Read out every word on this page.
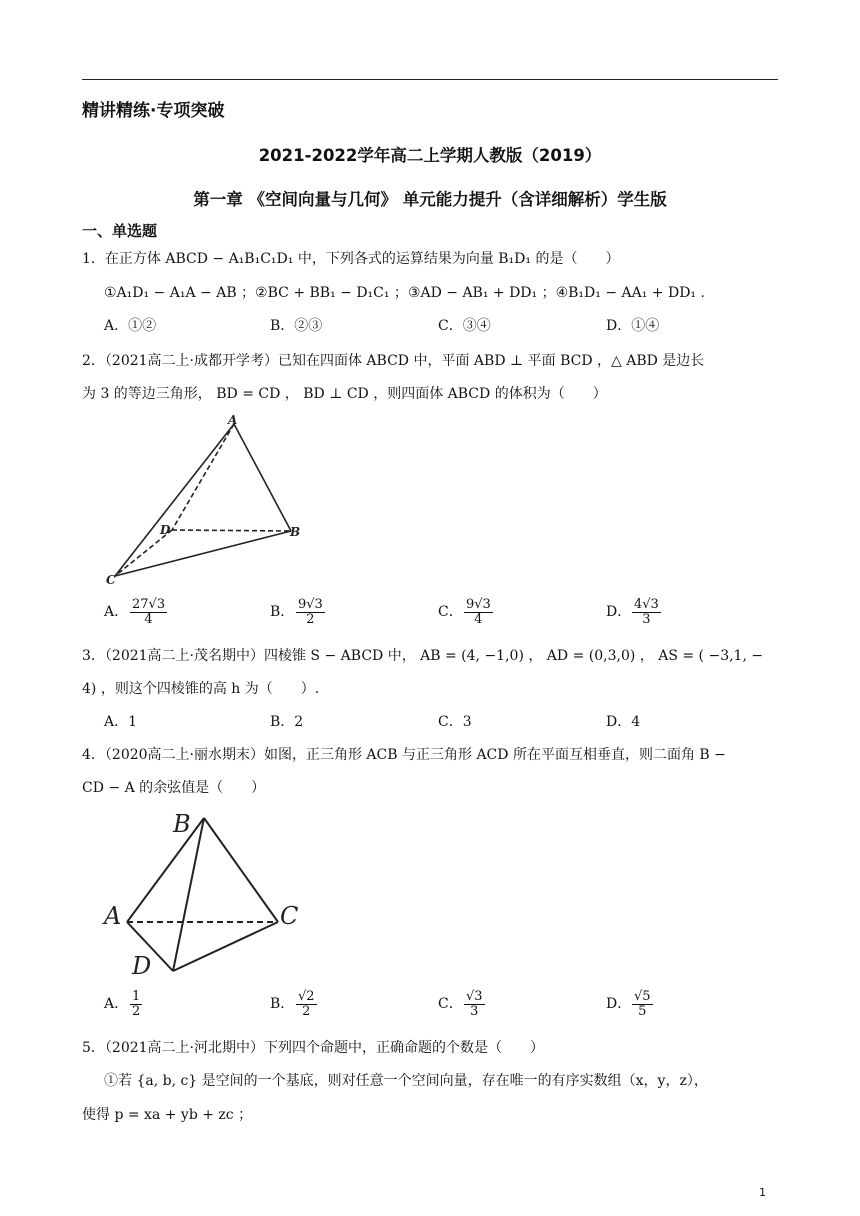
精讲精练·专项突破
2021-2022学年高二上学期人教版（2019）
第一章 《空间向量与几何》 单元能力提升（含详细解析）学生版
一、单选题
1．在正方体 ABCD − A₁B₁C₁D₁ 中，下列各式的运算结果为向量 B₁D₁ 的是（　　）
①A₁D₁ − A₁A − AB ；②BC + BB₁ − D₁C₁ ；③AD − AB₁ + DD₁ ；④B₁D₁ − AA₁ + DD₁ .
A．①②	B．②③	C．③④	D．①④
2．（2021高二上·成都开学考）已知在四面体 ABCD 中，平面 ABD ⊥ 平面 BCD ，△ ABD 是边长
为 3 的等边三角形， BD = CD ， BD ⊥ CD ，则四面体 ABCD 的体积为（　　）
A
B
C
D
A． $\frac{27√3}{4}$	B． $\frac{9√3}{2}$	C． $\frac{9√3}{4}$	D． $\frac{4√3}{3}$
3．（2021高二上·茂名期中）四棱锥 S − ABCD 中， AB = (4, −1,0) ， AD = (0,3,0) ， AS = ( −3,1, −
4) ，则这个四棱锥的高 h 为（　　）.
A．1	B．2	C．3	D．4
4．（2020高二上·丽水期末）如图，正三角形 ACB 与正三角形 ACD 所在平面互相垂直，则二面角 B −
CD − A 的余弦值是（　　）
B
A	C
D
A． $\frac{1}{2}$	B． $\frac{√2}{2}$	C． $\frac{√3}{3}$	D． $\frac{√5}{5}$
5．（2021高二上·河北期中）下列四个命题中，正确命题的个数是（　　）
①若 {a, b, c} 是空间的一个基底，则对任意一个空间向量，存在唯一的有序实数组（x，y，z），
使得 p = xa + yb + zc ；
1
